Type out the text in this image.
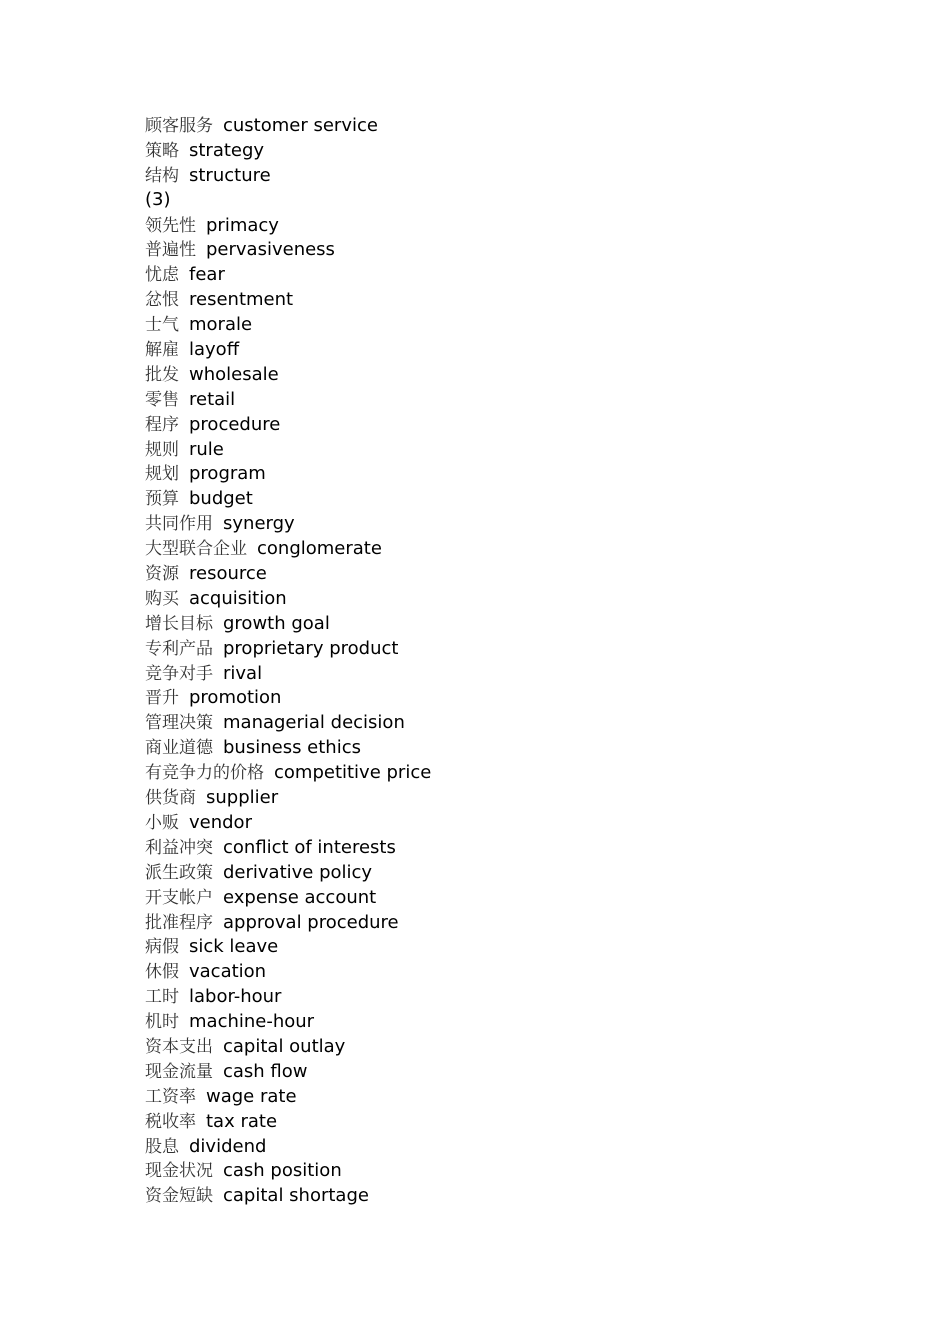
顾客服务 customer service
策略 strategy
结构 structure
(3)
领先性 primacy
普遍性 pervasiveness
忧虑 fear
忿恨 resentment
士气 morale
解雇 layoff
批发 wholesale
零售 retail
程序 procedure
规则 rule
规划 program
预算 budget
共同作用 synergy
大型联合企业 conglomerate
资源 resource
购买 acquisition
增长目标 growth goal
专利产品 proprietary product
竞争对手 rival
晋升 promotion
管理决策 managerial decision
商业道德 business ethics
有竞争力的价格 competitive price
供货商 supplier
小贩 vendor
利益冲突 conflict of interests
派生政策 derivative policy
开支帐户 expense account
批准程序 approval procedure
病假 sick leave
休假 vacation
工时 labor-hour
机时 machine-hour
资本支出 capital outlay
现金流量 cash flow
工资率 wage rate
税收率 tax rate
股息 dividend
现金状况 cash position
资金短缺 capital shortage
